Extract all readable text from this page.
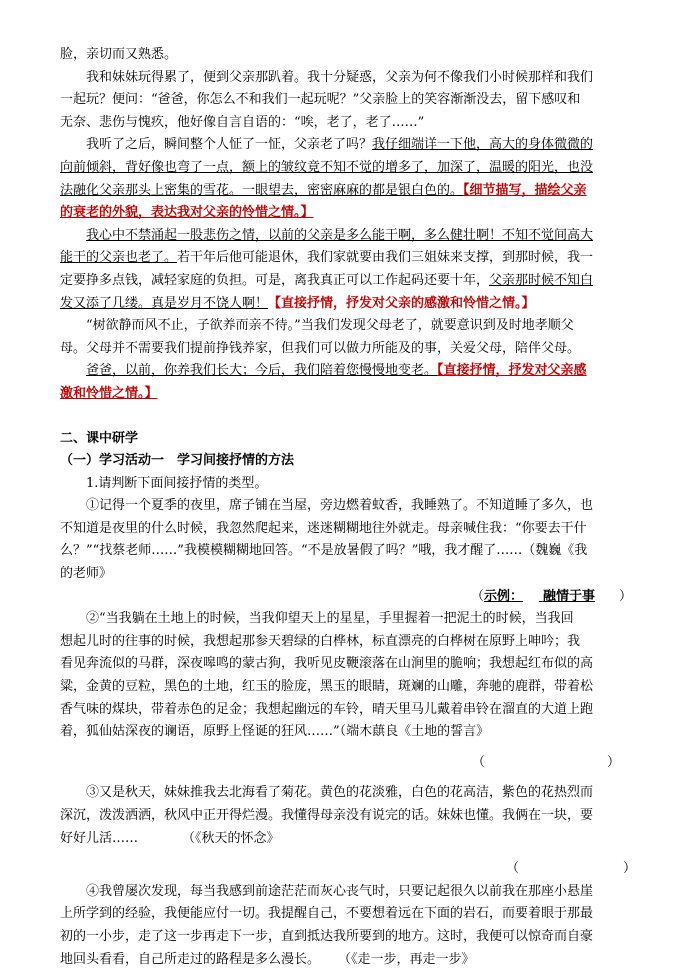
脸，亲切而又熟悉。
我和妹妹玩得累了，便到父亲那趴着。我十分疑惑，父亲为何不像我们小时候那样和我们
一起玩？便问：“爸爸，你怎么不和我们一起玩呢？”父亲脸上的笑容渐渐没去，留下感叹和
无奈、悲伤与愧疚，他好像自言自语的：“唉，老了，老了……”
我听了之后，瞬间整个人怔了一怔，父亲老了吗？我仔细端详一下他，高大的身体微微的
向前倾斜，背好像也弯了一点，额上的皱纹竟不知不觉的增多了，加深了，温暖的阳光，也没
法融化父亲那头上密集的雪花。一眼望去，密密麻麻的都是银白色的。【细节描写，描绘父亲
的衰老的外貌，表达我对父亲的怜惜之情。】
我心中不禁涌起一股悲伤之情，以前的父亲是多么能干啊，多么健壮啊！不知不觉间高大
能干的父亲也老了。若干年后他可能退休，我们家就要由我们三姐妹来支撑，到那时候，我一
定要挣多点钱，减轻家庭的负担。可是，离我真正可以工作起码还要十年，父亲那时候不知白
发又添了几缕。真是岁月不饶人啊！【直接抒情，抒发对父亲的感激和怜惜之情。】
“树欲静而风不止，子欲养而亲不待。”当我们发现父母老了，就要意识到及时地孝顺父
母。父母并不需要我们提前挣钱养家，但我们可以做力所能及的事，关爱父母，陪伴父母。
爸爸，以前，你养我们长大；今后，我们陪着您慢慢地变老。【直接抒情，抒发对父亲感
激和怜惜之情。】
二、课中研学
（一）学习活动一　学习间接抒情的方法
1.请判断下面间接抒情的类型。
①记得一个夏季的夜里，席子铺在当屋，旁边燃着蚊香，我睡熟了。不知道睡了多久，也
不知道是夜里的什么时候，我忽然爬起来，迷迷糊糊地往外就走。母亲喊住我：“你要去干什
么？”“找蔡老师……”我模模糊糊地回答。“不是放暑假了吗？”哦，我才醒了……（魏巍《我
的老师》
（示例： 融情于事 ）
②“当我躺在土地上的时候，当我仰望天上的星星，手里握着一把泥土的时候，当我回
想起儿时的往事的时候，我想起那参天碧绿的白桦林，标直漂亮的白桦树在原野上呻吟；我
看见奔流似的马群，深夜嗥鸣的蒙古狗，我听见皮鞭滚落在山涧里的脆响；我想起红布似的高
粱，金黄的豆粒，黑色的土地，红玉的脸庞，黑玉的眼睛，斑斓的山雕，奔驰的鹿群，带着松
香气味的煤块，带着赤色的足金；我想起幽远的车铃，晴天里马儿戴着串铃在溜直的大道上跑
着，狐仙姑深夜的谰语，原野上怪诞的狂风……”（端木蕻良《土地的誓言》
（	）
③又是秋天，妹妹推我去北海看了菊花。黄色的花淡雅，白色的花高洁，紫色的花热烈而
深沉，泼泼洒洒，秋风中正开得烂漫。我懂得母亲没有说完的话。妹妹也懂。我俩在一块，要
好好儿活……	（《秋天的怀念》
（	）
④我曾屡次发现，每当我感到前途茫茫而灰心丧气时，只要记起很久以前我在那座小悬崖
上所学到的经验，我便能应付一切。我提醒自己，不要想着远在下面的岩石，而要着眼于那最
初的一小步，走了这一步再走下一步，直到抵达我所要到的地方。这时，我便可以惊奇而自豪
地回头看看，自己所走过的路程是多么漫长。 （《走一步，再走一步》
